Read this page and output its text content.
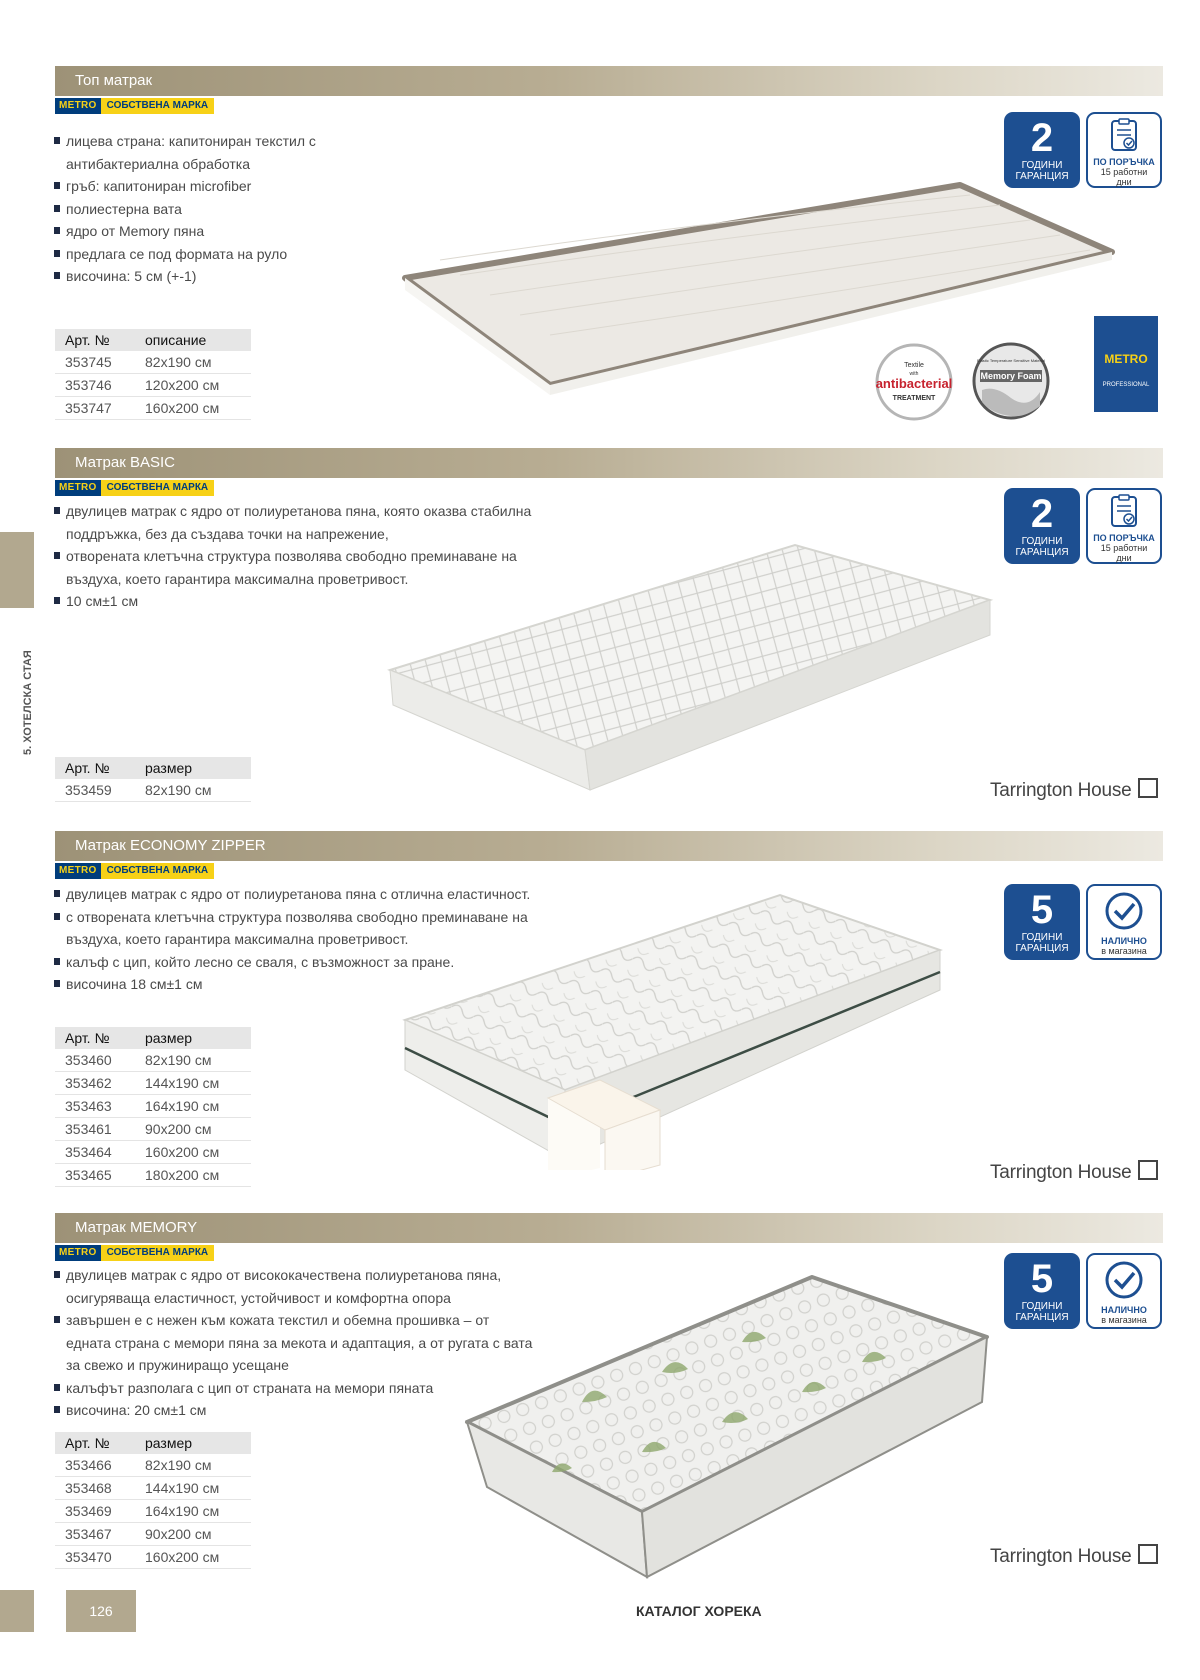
Топ матрак
METRO СОБСТВЕНА МАРКА
лицева страна: капитониран текстил с антибактериална обработка
гръб: капитониран microfiber
полиестерна вата
ядро от Memory пяна
предлага се под формата на руло
височина: 5 см (+-1)
Арт. №	описание
353745	82x190 см
353746	120x200 см
353747	160x200 см
2
ГОДИНИ ГАРАНЦИЯ
ПО ПОРЪЧКА
15 работни дни
Textile
with
antibacterial
TREATMENT
Elastic Temperature Sensitive Material
Memory Foam
METRO
PROFESSIONAL
Матрак BASIC
METRO СОБСТВЕНА МАРКА
двулицев матрак с ядро от полиуретанова пяна, която оказва стабилна поддръжка, без да създава точки на напрежение,
отворената клетъчна структура позволява свободно преминаване на въздуха, което гарантира максимална проветривост.
10 см±1 см
Арт. №	размер
353459	82x190 см
2
ГОДИНИ ГАРАНЦИЯ
ПО ПОРЪЧКА
15 работни дни
Tarrington House
Матрак ECONOMY ZIPPER
METRO СОБСТВЕНА МАРКА
двулицев матрак с ядро от полиуретанова пяна с отлична еластичност.
с отворената клетъчна структура позволява свободно преминаване на въздуха, което гарантира максимална проветривост.
калъф с цип, който лесно се сваля, с възможност за пране.
височина 18 см±1 см
Арт. №	размер
353460	82x190 см
353462	144x190 см
353463	164x190 см
353461	90x200 см
353464	160x200 см
353465	180x200 см
5
ГОДИНИ ГАРАНЦИЯ
НАЛИЧНО
в магазина
Tarrington House
Матрак MEMORY
METRO СОБСТВЕНА МАРКА
двулицев матрак с ядро от висококачествена полиуретанова пяна, осигуряваща еластичност, устойчивост и комфортна опора
завършен е с нежен към кожата текстил и обемна прошивка – от едната страна с мемори пяна за мекота и адаптация, а от ругата с вата за свежо и пружиниращо усещане
калъфът разполага с цип от страната на мемори пяната
височина: 20 см±1 см
Арт. №	размер
353466	82x190 см
353468	144x190 см
353469	164x190 см
353467	90x200 см
353470	160x200 см
5
ГОДИНИ ГАРАНЦИЯ
НАЛИЧНО
в магазина
Tarrington House
5. ХОТЕЛСКА СТАЯ
126	КАТАЛОГ ХОРЕКА
